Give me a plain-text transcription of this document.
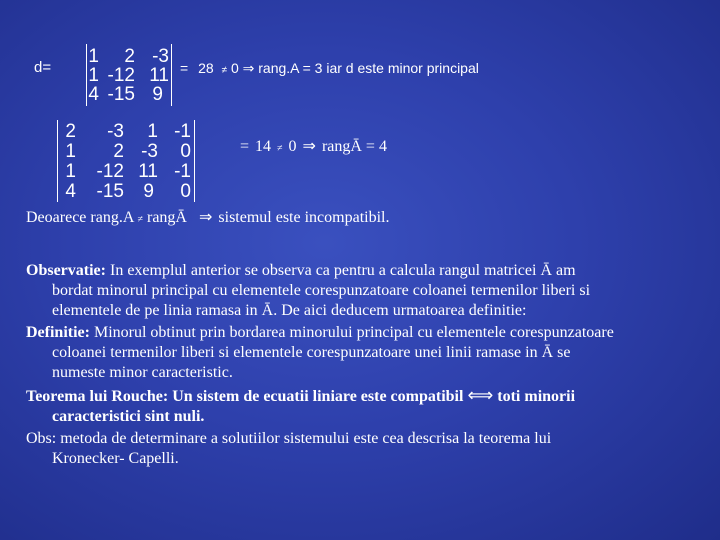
d=
1 2 -3
1 -12 11
4 -15 9
= 28 ≠ 0 ⇒ rang.A = 3 iar d este minor principal
2 -3 1 -1
1 2 -3 0
1 -12 11 -1
4 -15 9 0
= 14 ≠ 0 ⇒ rangĀ = 4
Deoarece rang.A ≠ rangĀ ⇒ sistemul este incompatibil.
Observatie: In exemplul anterior se observa ca pentru a calcula rangul matricei Ā am
bordat minorul principal cu elementele corespunzatoare coloanei termenilor liberi si
elementele de pe linia ramasa in Ā. De aici deducem urmatoarea definitie:
Definitie: Minorul obtinut prin bordarea minorului principal cu elementele corespunzatoare
coloanei termenilor liberi si elementele corespunzatoare unei linii ramase in Ā se
numeste minor caracteristic.
Teorema lui Rouche: Un sistem de ecuatii liniare este compatibil ⟺ toti minorii
caracteristici sint nuli.
Obs: metoda de determinare a solutiilor sistemului este cea descrisa la teorema lui
Kronecker- Capelli.
